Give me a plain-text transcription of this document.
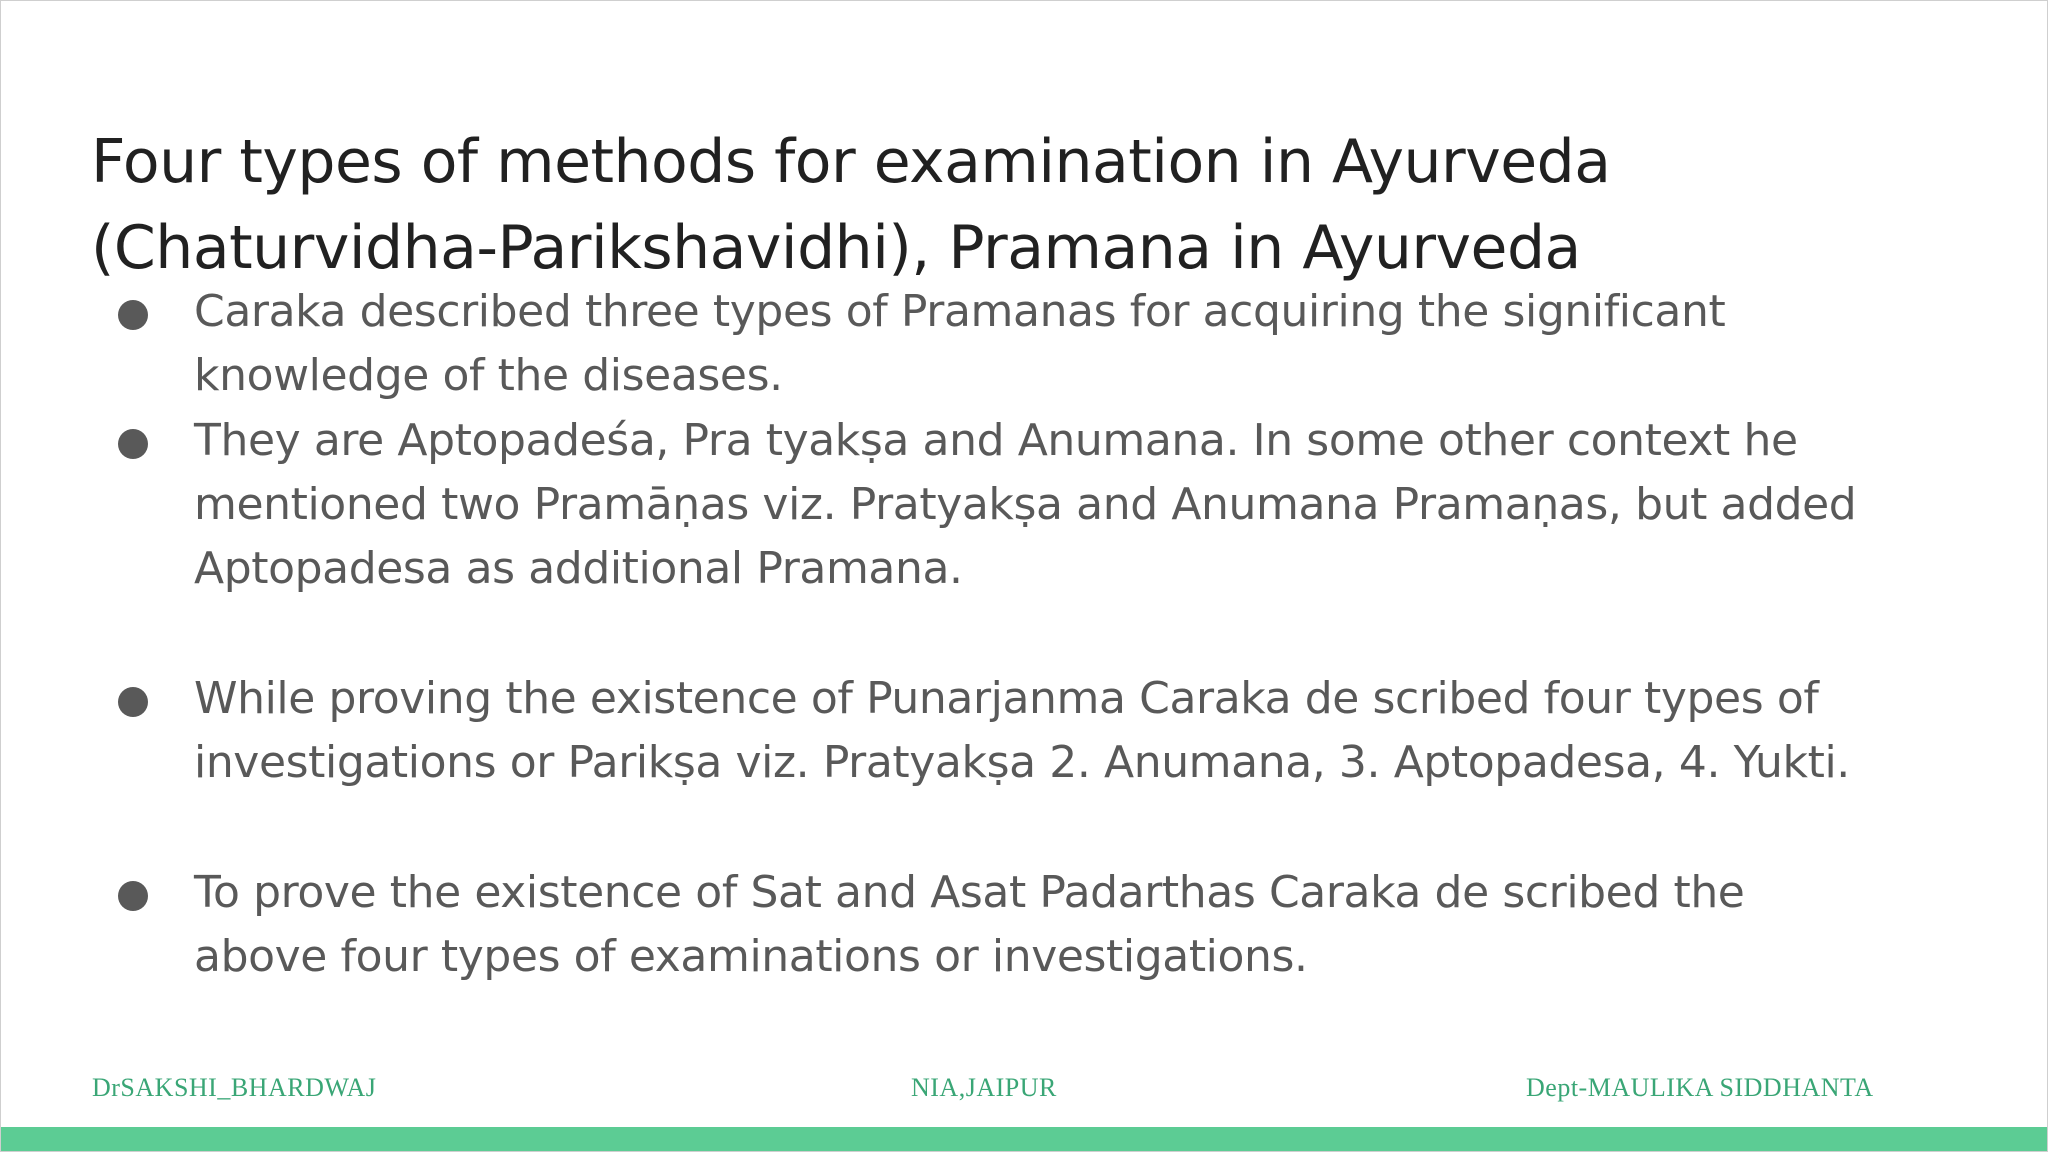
Four types of methods for examination in Ayurveda
(Chaturvidha-Parikshavidhi), Pramana in Ayurveda
Caraka described three types of Pramanas for acquiring the significant
knowledge of the diseases.
They are Aptopadeśa, Pra tyakṣa and Anumana. In some other context he
mentioned two Pramāṇas viz. Pratyakṣa and Anumana Pramaṇas, but added
Aptopadesa as additional Pramana.
While proving the existence of Punarjanma Caraka de scribed four types of
investigations or Parikṣa viz. Pratyakṣa 2. Anumana, 3. Aptopadesa, 4. Yukti.
To prove the existence of Sat and Asat Padarthas Caraka de scribed the
above four types of examinations or investigations.
DrSAKSHI_BHARDWAJ	NIA,JAIPUR	Dept-MAULIKA SIDDHANTA
